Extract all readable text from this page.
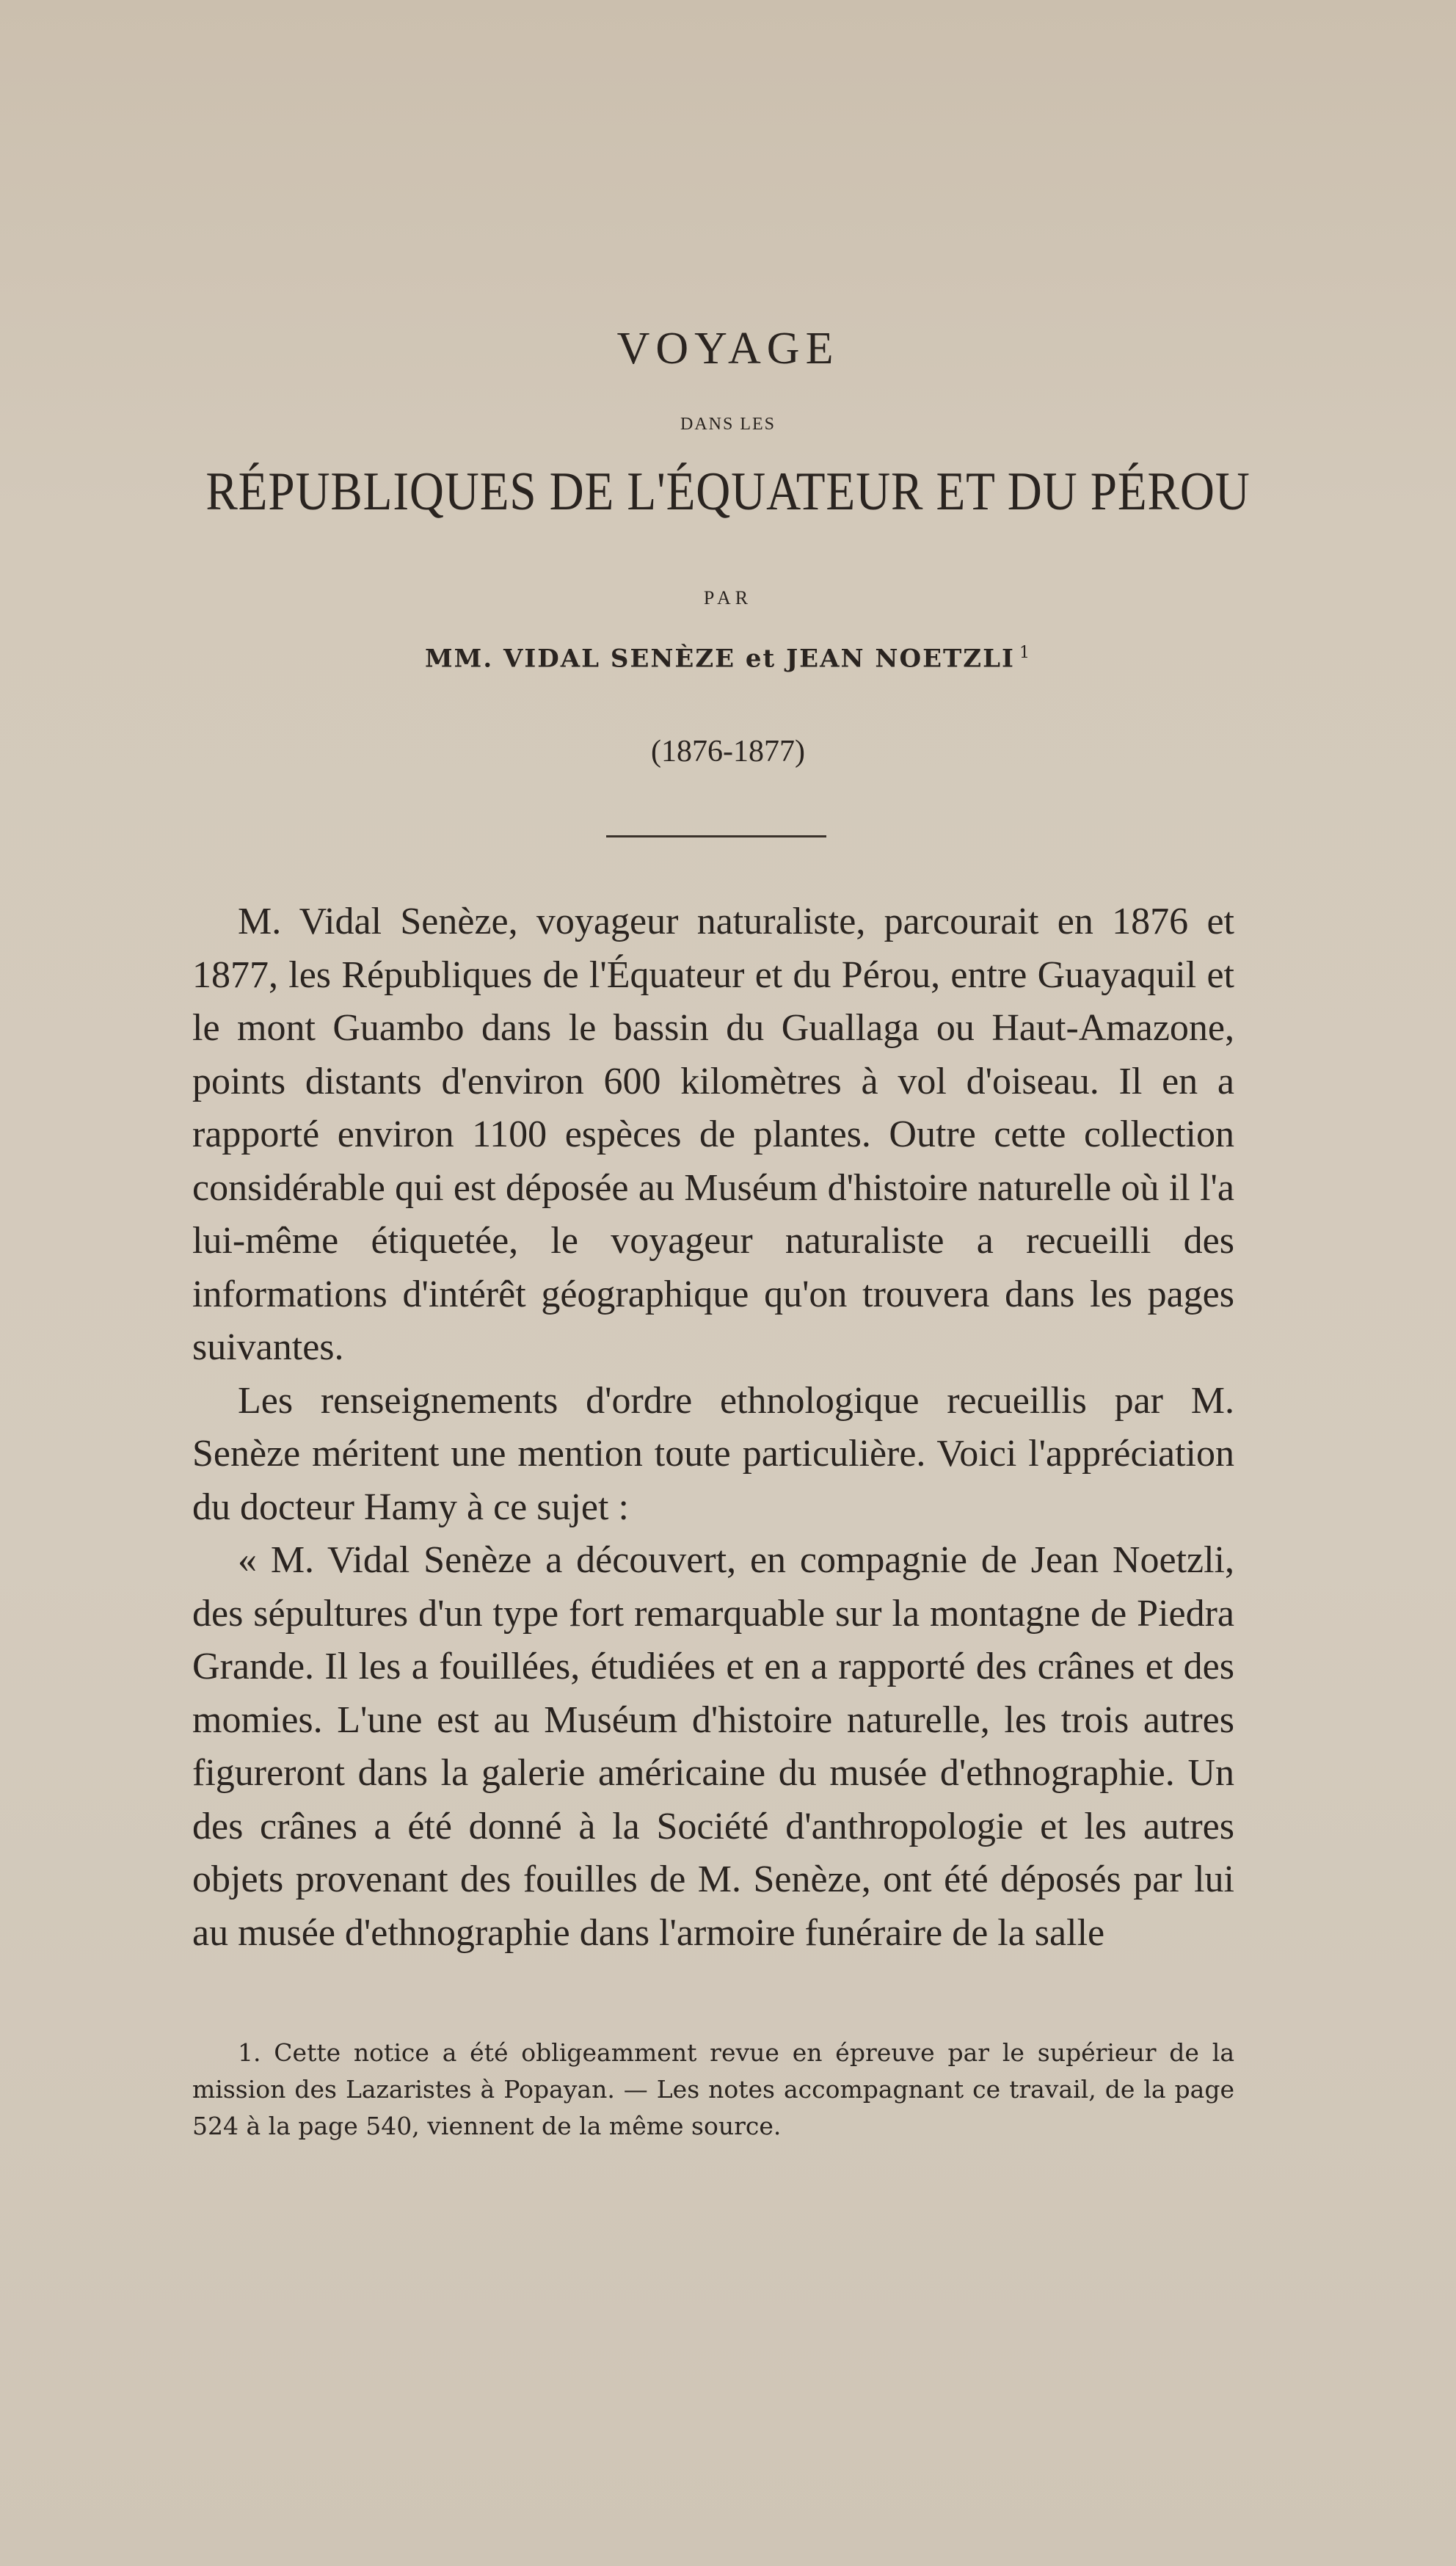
VOYAGE
DANS LES
RÉPUBLIQUES DE L'ÉQUATEUR ET DU PÉROU
PAR
MM. VIDAL SENÈZE et JEAN NOETZLI $^1$
(1876-1877)

M. Vidal Senèze, voyageur naturaliste, parcourait en 1876 et 1877, les Républiques de l'Équateur et du Pérou, entre Guayaquil et le mont Guambo dans le bassin du Guallaga ou Haut-Amazone, points distants d'environ 600 kilomètres à vol d'oiseau. Il en a rapporté environ 1100 espèces de plantes. Outre cette collection considérable qui est déposée au Muséum d'histoire naturelle où il l'a lui-même étiquetée, le voyageur naturaliste a recueilli des informations d'intérêt géographique qu'on trouvera dans les pages suivantes.

Les renseignements d'ordre ethnologique recueillis par M. Senèze méritent une mention toute particulière. Voici l'appréciation du docteur Hamy à ce sujet :

« M. Vidal Senèze a découvert, en compagnie de Jean Noetzli, des sépultures d'un type fort remarquable sur la montagne de Piedra Grande. Il les a fouillées, étudiées et en a rapporté des crânes et des momies. L'une est au Muséum d'histoire naturelle, les trois autres figureront dans la galerie américaine du musée d'ethnographie. Un des crânes a été donné à la Société d'anthropologie et les autres objets provenant des fouilles de M. Senèze, ont été déposés par lui au musée d'ethnographie dans l'armoire funéraire de la salle

1. Cette notice a été obligeamment revue en épreuve par le supérieur de la mission des Lazaristes à Popayan. — Les notes accompagnant ce travail, de la page 524 à la page 540, viennent de la même source.
